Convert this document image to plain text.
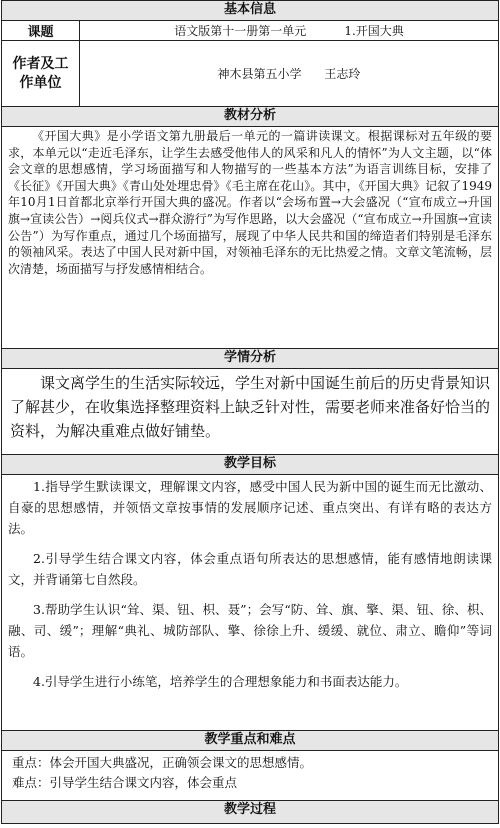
基本信息
课题	语文版第十一册第一单元          1.开国大典
作者及工作单位
神木县第五小学      王志玲
教材分析
《开国大典》是小学语文第九册最后一单元的一篇讲读课文。根据课标对五年级的要求，本单元以“走近毛泽东，让学生去感受他伟人的风采和凡人的情怀”为人文主题，以“体会文章的思想感情，学习场面描写和人物描写的一些基本方法”为语言训练目标，安排了《长征》《开国大典》《青山处处埋忠骨》《毛主席在花山》。其中，《开国大典》记叙了1949年10月1日首都北京举行开国大典的盛况。作者以“会场布置→大会盛况（“宣布成立→升国旗→宣读公告）→阅兵仪式→群众游行”为写作思路，以大会盛况（“宣布成立→升国旗→宣读公告”）为写作重点，通过几个场面描写，展现了中华人民共和国的缔造者们特别是毛泽东的领袖风采。表达了中国人民对新中国，对领袖毛泽东的无比热爱之情。文章文笔流畅，层次清楚，场面描写与抒发感情相结合。
学情分析
课文离学生的生活实际较远，学生对新中国诞生前后的历史背景知识了解甚少，在收集选择整理资料上缺乏针对性，需要老师来准备好恰当的资料，为解决重难点做好铺垫。
教学目标

1.指导学生默读课文，理解课文内容，感受中国人民为新中国的诞生而无比激动、自豪的思想感情，并领悟文章按事情的发展顺序记述、重点突出、有详有略的表达方法。

2.引导学生结合课文内容，体会重点语句所表达的思想感情，能有感情地朗读课文，并背诵第七自然段。

3.帮助学生认识“耸、渠、钮、枳、聂”；会写“防、耸、旗、擎、渠、钮、徐、枳、融、司、缓”；理解“典礼、城防部队、擎、徐徐上升、缓缓、就位、肃立、瞻仰”等词语。

4.引导学生进行小练笔，培养学生的合理想象能力和书面表达能力。

教学重点和难点
重点：体会开国大典盛况，正确领会课文的思想感情。
难点：引导学生结合课文内容，体会重点
教学过程
